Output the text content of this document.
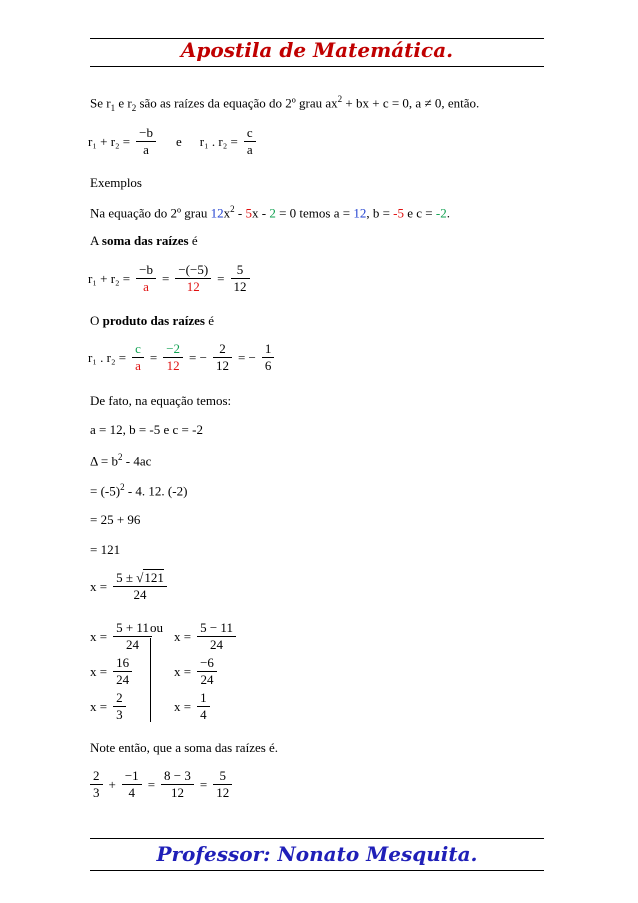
Apostila de Matemática.
Se $r_1$ e $r_2$ são as raízes da equação do 2º grau $ax^2$ + bx + c = 0, a ≠ 0, então.
$r_1 + r_2 = \frac{-b}{a}$ e r₁ . $r_2 = \frac{c}{a}$
Exemplos
Na equação do 2º grau $12x^2 - 5x - 2 = 0$ temos a = 12, b = -5 e c = -2.
A soma das raízes é
$r_1 + r_2 = \frac{-b}{a} = \frac{-(-5)}{12} = \frac{5}{12}$
O produto das raízes é
r₁ . $r_2 = \frac{c}{a} = \frac{-2}{12}$ = − $\frac{2}{12}$ = − $\frac{1}{6}$
De fato, na equação temos:
a = 12, b = -5 e c = -2
$\Delta = b^2 - 4ac$
= $(-5)^2 - 4$. 12. (-2)
= 25 + 96
= 121
$x = \frac{5 \pm √121}{24}$
$x = \frac{5 + 11}{24}$
ou
$x = \frac{5 - 11}{24}$
$x = \frac{16}{24}$	$x = \frac{-6}{24}$
$x = \frac{2}{3}$	$x = \frac{1}{4}$
Note então, que a soma das raízes é.
$\frac{2}{3} + \frac{-1}{4} = \frac{8 - 3}{12} = \frac{5}{12}$
Professor: Nonato Mesquita.
